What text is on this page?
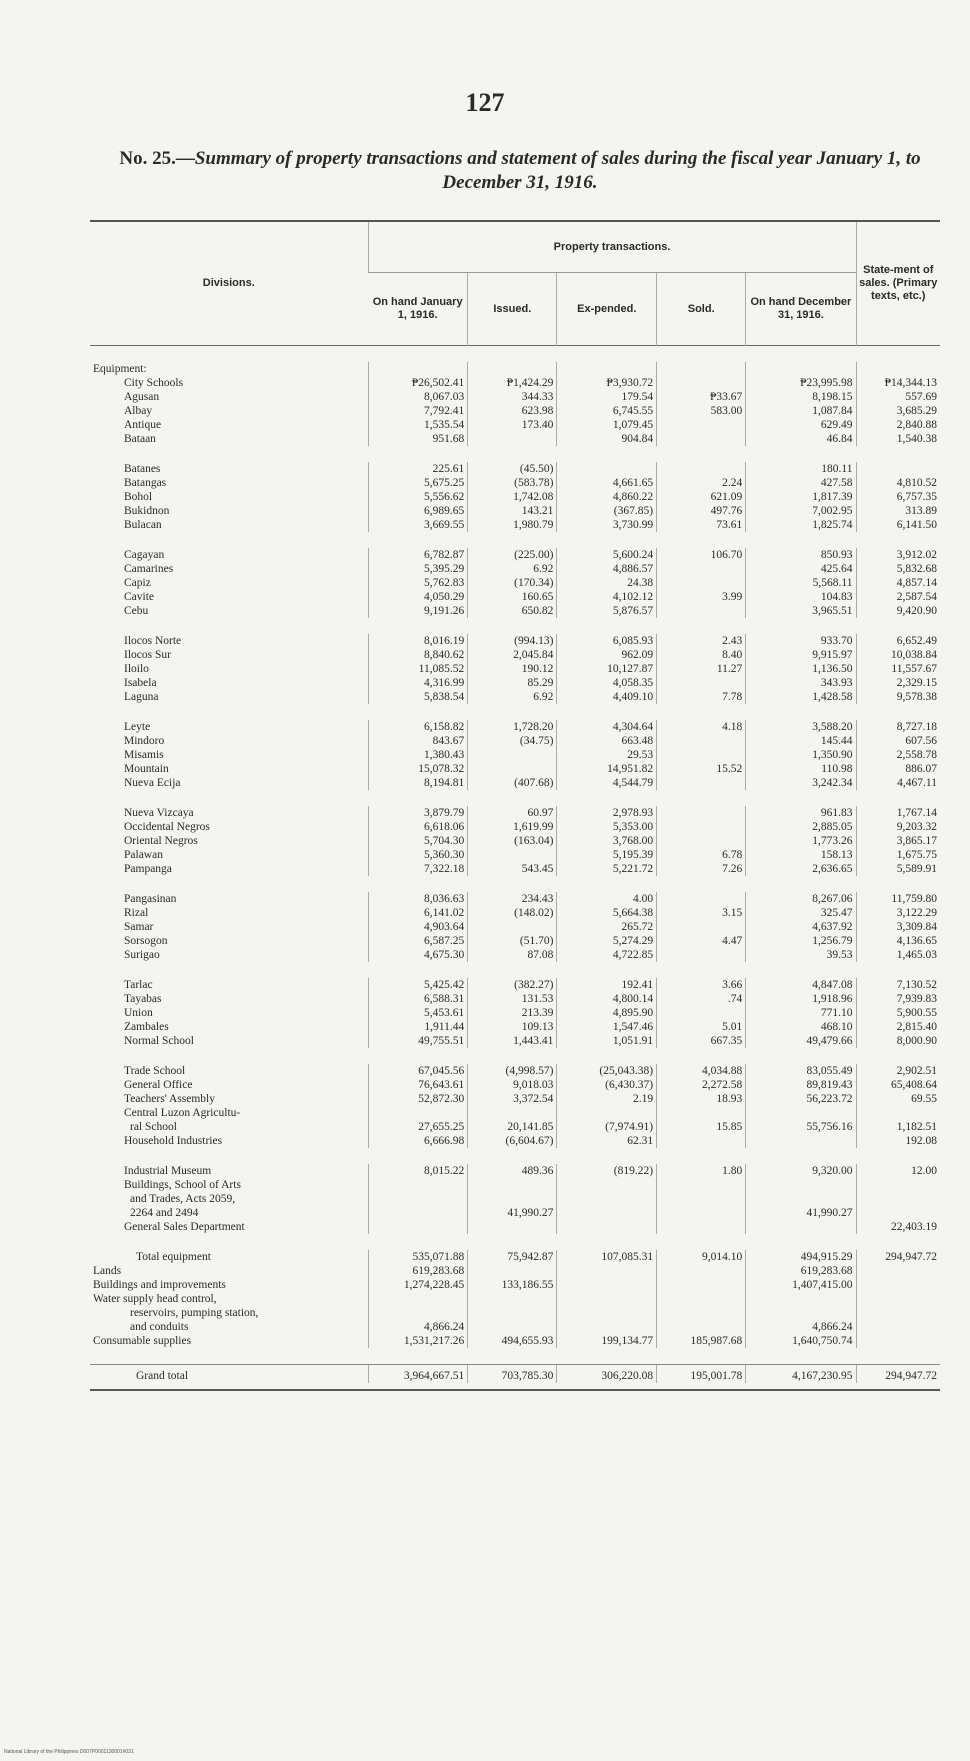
127
No. 25.—Summary of property transactions and statement of sales during the fiscal year January 1, to December 31, 1916.
Divisions.	Property transactions.					State-ment of sales. (Primary texts, etc.)
	On hand January 1, 1916.	Issued.	Ex-pended.	Sold.	On hand December 31, 1916.	

Equipment:						
City Schools	₱26,502.41	₱1,424.29	₱3,930.72		₱23,995.98	₱14,344.13
Agusan	8,067.03	344.33	179.54	₱33.67	8,198.15	557.69
Albay	7,792.41	623.98	6,745.55	583.00	1,087.84	3,685.29
Antique	1,535.54	173.40	1,079.45		629.49	2,840.88
Bataan	951.68		904.84		46.84	1,540.38

Batanes	225.61	(45.50)			180.11	
Batangas	5,675.25	(583.78)	4,661.65	2.24	427.58	4,810.52
Bohol	5,556.62	1,742.08	4,860.22	621.09	1,817.39	6,757.35
Bukidnon	6,989.65	143.21	(367.85)	497.76	7,002.95	313.89
Bulacan	3,669.55	1,980.79	3,730.99	73.61	1,825.74	6,141.50

Cagayan	6,782.87	(225.00)	5,600.24	106.70	850.93	3,912.02
Camarines	5,395.29	6.92	4,886.57		425.64	5,832.68
Capiz	5,762.83	(170.34)	24.38		5,568.11	4,857.14
Cavite	4,050.29	160.65	4,102.12	3.99	104.83	2,587.54
Cebu	9,191.26	650.82	5,876.57		3,965.51	9,420.90

Ilocos Norte	8,016.19	(994.13)	6,085.93	2.43	933.70	6,652.49
Ilocos Sur	8,840.62	2,045.84	962.09	8.40	9,915.97	10,038.84
Iloilo	11,085.52	190.12	10,127.87	11.27	1,136.50	11,557.67
Isabela	4,316.99	85.29	4,058.35		343.93	2,329.15
Laguna	5,838.54	6.92	4,409.10	7.78	1,428.58	9,578.38

Leyte	6,158.82	1,728.20	4,304.64	4.18	3,588.20	8,727.18
Mindoro	843.67	(34.75)	663.48		145.44	607.56
Misamis	1,380.43		29.53		1,350.90	2,558.78
Mountain	15,078.32		14,951.82	15.52	110.98	886.07
Nueva Ecija	8,194.81	(407.68)	4,544.79		3,242.34	4,467.11

Nueva Vizcaya	3,879.79	60.97	2,978.93		961.83	1,767.14
Occidental Negros	6,618.06	1,619.99	5,353.00		2,885.05	9,203.32
Oriental Negros	5,704.30	(163.04)	3,768.00		1,773.26	3,865.17
Palawan	5,360.30		5,195.39	6.78	158.13	1,675.75
Pampanga	7,322.18	543.45	5,221.72	7.26	2,636.65	5,589.91

Pangasinan	8,036.63	234.43	4.00		8,267.06	11,759.80
Rizal	6,141.02	(148.02)	5,664.38	3.15	325.47	3,122.29
Samar	4,903.64		265.72		4,637.92	3,309.84
Sorsogon	6,587.25	(51.70)	5,274.29	4.47	1,256.79	4,136.65
Surigao	4,675.30	87.08	4,722.85		39.53	1,465.03

Tarlac	5,425.42	(382.27)	192.41	3.66	4,847.08	7,130.52
Tayabas	6,588.31	131.53	4,800.14	.74	1,918.96	7,939.83
Union	5,453.61	213.39	4,895.90		771.10	5,900.55
Zambales	1,911.44	109.13	1,547.46	5.01	468.10	2,815.40
Normal School	49,755.51	1,443.41	1,051.91	667.35	49,479.66	8,000.90

Trade School	67,045.56	(4,998.57)	(25,043.38)	4,034.88	83,055.49	2,902.51
General Office	76,643.61	9,018.03	(6,430.37)	2,272.58	89,819.43	65,408.64
Teachers' Assembly	52,872.30	3,372.54	2.19	18.93	56,223.72	69.55
Central Luzon Agricultu-						
ral School	27,655.25	20,141.85	(7,974.91)	15.85	55,756.16	1,182.51
Household Industries	6,666.98	(6,604.67)	62.31			192.08

Industrial Museum	8,015.22	489.36	(819.22)	1.80	9,320.00	12.00
Buildings, School of Arts						
and Trades, Acts 2059,						
2264 and 2494		41,990.27			41,990.27	
General Sales Department						22,403.19

Total equipment	535,071.88	75,942.87	107,085.31	9,014.10	494,915.29	294,947.72
Lands	619,283.68				619,283.68	
Buildings and improvements	1,274,228.45	133,186.55			1,407,415.00	
Water supply head control,						
reservoirs, pumping station,						
and conduits	4,866.24				4,866.24	
Consumable supplies	1,531,217.26	494,655.93	199,134.77	185,987.68	1,640,750.74	

Grand total	3,964,667.51	703,785.30	306,220.08	195,001.78	4,167,230.95	294,947.72

National Library of the Philippines D007P0001130001#031
